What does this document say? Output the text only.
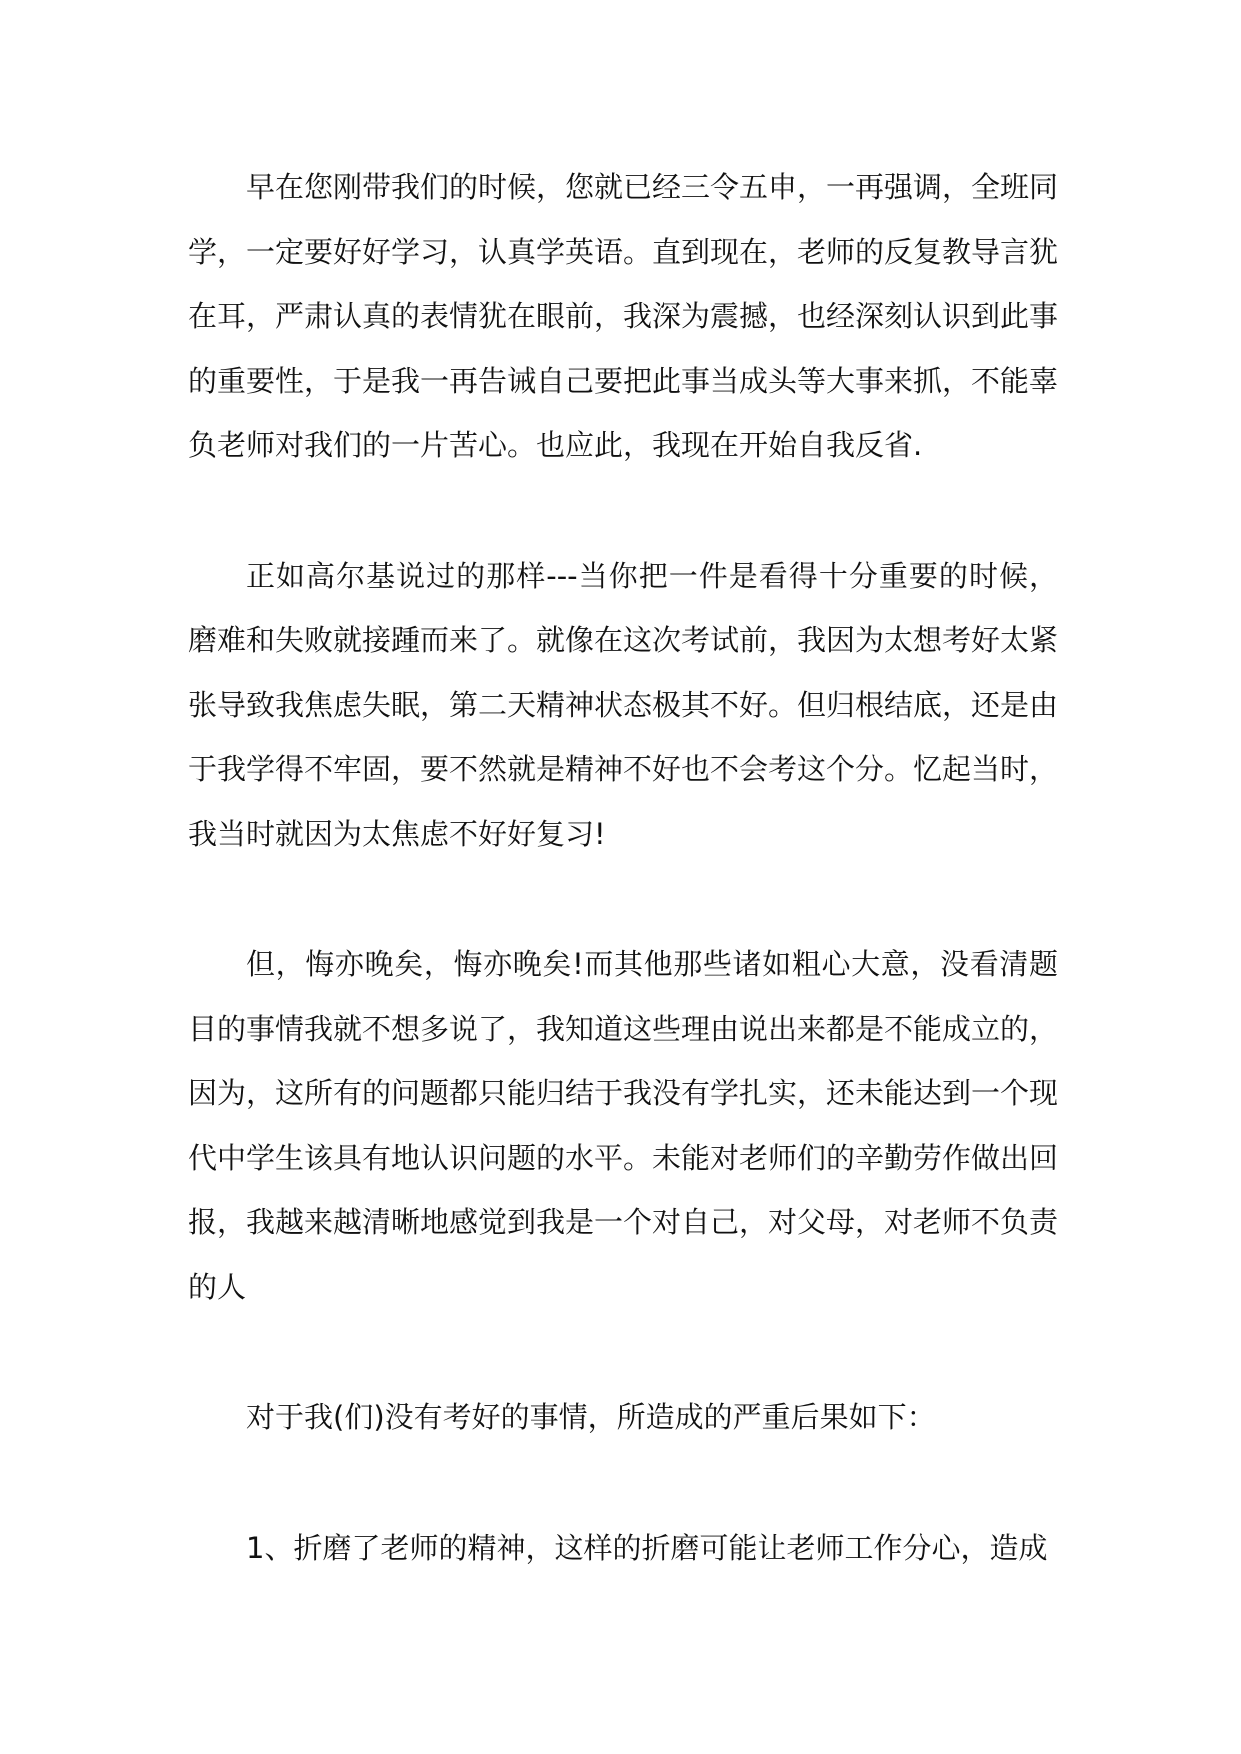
早在您刚带我们的时候，您就已经三令五申，一再强调，全班同学，一定要好好学习，认真学英语。直到现在，老师的反复教导言犹在耳，严肃认真的表情犹在眼前，我深为震撼，也经深刻认识到此事的重要性，于是我一再告诫自己要把此事当成头等大事来抓，不能辜负老师对我们的一片苦心。也应此，我现在开始自我反省.

正如高尔基说过的那样---当你把一件是看得十分重要的时候，磨难和失败就接踵而来了。就像在这次考试前，我因为太想考好太紧张导致我焦虑失眠，第二天精神状态极其不好。但归根结底，还是由于我学得不牢固，要不然就是精神不好也不会考这个分。忆起当时，我当时就因为太焦虑不好好复习!

但，悔亦晚矣，悔亦晚矣!而其他那些诸如粗心大意，没看清题目的事情我就不想多说了，我知道这些理由说出来都是不能成立的，因为，这所有的问题都只能归结于我没有学扎实，还未能达到一个现代中学生该具有地认识问题的水平。未能对老师们的辛勤劳作做出回报，我越来越清晰地感觉到我是一个对自己，对父母，对老师不负责的人

对于我(们)没有考好的事情，所造成的严重后果如下：

1、折磨了老师的精神，这样的折磨可能让老师工作分心，造成
